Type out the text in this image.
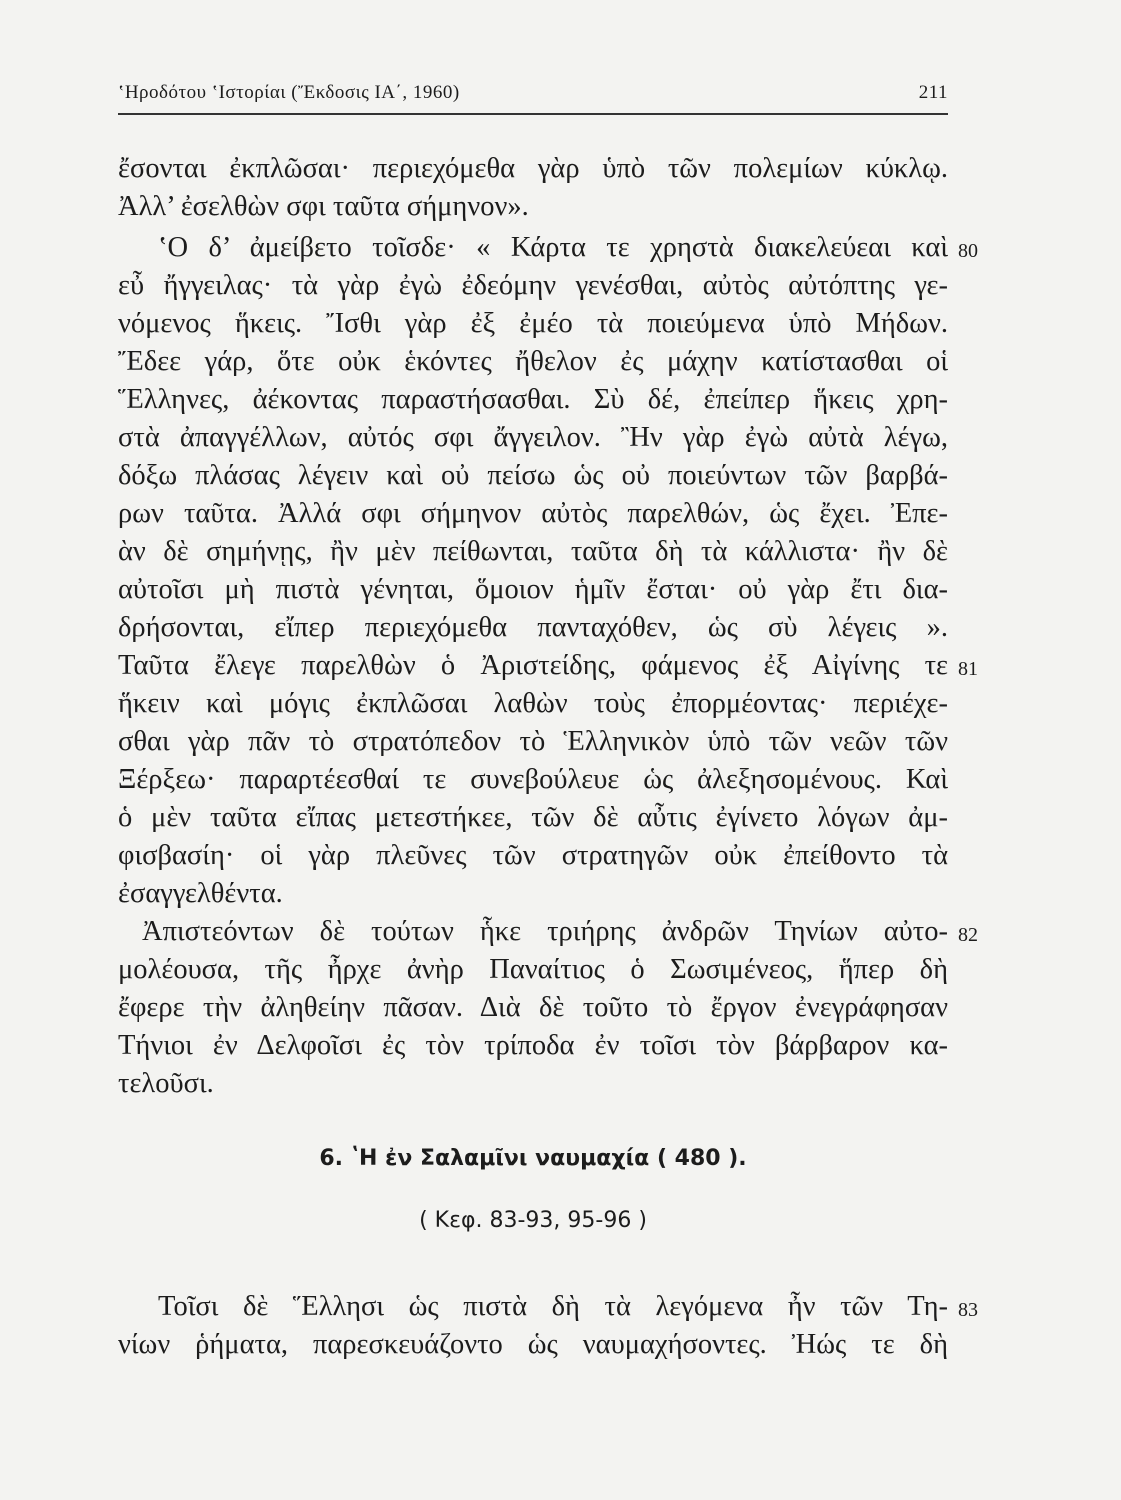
ʽΗροδότου ʽΙστορίαι (Ἔκδοσις ΙΑ΄, 1960)	211
ἔσονται ἐκπλῶσαι· περιεχόμεθα γὰρ ὑπὸ τῶν πολεμίων κύκλῳ.
Ἀλλ’ ἐσελθὼν σφι ταῦτα σήμηνον».
ʽΟ δ’ ἀμείβετο τοῖσδε· « Κάρτα τε χρηστὰ διακελεύεαι καὶ
εὖ ἤγγειλας· τὰ γὰρ ἐγὼ ἐδεόμην γενέσθαι, αὐτὸς αὐτόπτης γε-
νόμενος ἥκεις. Ἴσθι γὰρ ἐξ ἐμέο τὰ ποιεύμενα ὑπὸ Μήδων.
Ἔδεε γάρ, ὅτε οὐκ ἑκόντες ἤθελον ἐς μάχην κατίστασθαι οἱ
Ἕλληνες, ἀέκοντας παραστήσασθαι. Σὺ δέ, ἐπείπερ ἥκεις χρη-
στὰ ἀπαγγέλλων, αὐτός σφι ἄγγειλον. Ἢν γὰρ ἐγὼ αὐτὰ λέγω,
δόξω πλάσας λέγειν καὶ οὐ πείσω ὡς οὐ ποιεύντων τῶν βαρβά-
ρων ταῦτα. Ἀλλά σφι σήμηνον αὐτὸς παρελθών, ὡς ἔχει. Ἐπε-
ὰν δὲ σημήνῃς, ἢν μὲν πείθωνται, ταῦτα δὴ τὰ κάλλιστα· ἢν δὲ
αὐτοῖσι μὴ πιστὰ γένηται, ὅμοιον ἡμῖν ἔσται· οὐ γὰρ ἔτι δια-
δρήσονται, εἴπερ περιεχόμεθα πανταχόθεν, ὡς σὺ λέγεις ».
Ταῦτα ἔλεγε παρελθὼν ὁ Ἀριστείδης, φάμενος ἐξ Αἰγίνης τε
ἥκειν καὶ μόγις ἐκπλῶσαι λαθὼν τοὺς ἐπορμέοντας· περιέχε-
σθαι γὰρ πᾶν τὸ στρατόπεδον τὸ Ἑλληνικὸν ὑπὸ τῶν νεῶν τῶν
Ξέρξεω· παραρτέεσθαί τε συνεβούλευε ὡς ἀλεξησομένους. Καὶ
ὁ μὲν ταῦτα εἴπας μετεστήκεε, τῶν δὲ αὖτις ἐγίνετο λόγων ἀμ-
φισβασίη· οἱ γὰρ πλεῦνες τῶν στρατηγῶν οὐκ ἐπείθοντο τὰ
ἐσαγγελθέντα.
Ἀπιστεόντων δὲ τούτων ἧκε τριήρης ἀνδρῶν Τηνίων αὐτο-
μολέουσα, τῆς ἦρχε ἀνὴρ Παναίτιος ὁ Σωσιμένεος, ἥπερ δὴ
ἔφερε τὴν ἀληθείην πᾶσαν. Διὰ δὲ τοῦτο τὸ ἔργον ἐνεγράφησαν
Τήνιοι ἐν Δελφοῖσι ἐς τὸν τρίποδα ἐν τοῖσι τὸν βάρβαρον κα-
τελοῦσι.
Τοῖσι δὲ Ἕλλησι ὡς πιστὰ δὴ τὰ λεγόμενα ἦν τῶν Τη-
νίων ῥήματα, παρεσκευάζοντο ὡς ναυμαχήσοντες. Ἠώς τε δὴ
6. ʽΗ ἐν Σαλαμῖνι ναυμαχία ( 480 ).
( Κεφ. 83-93, 95-96 )
80
81
82
83
